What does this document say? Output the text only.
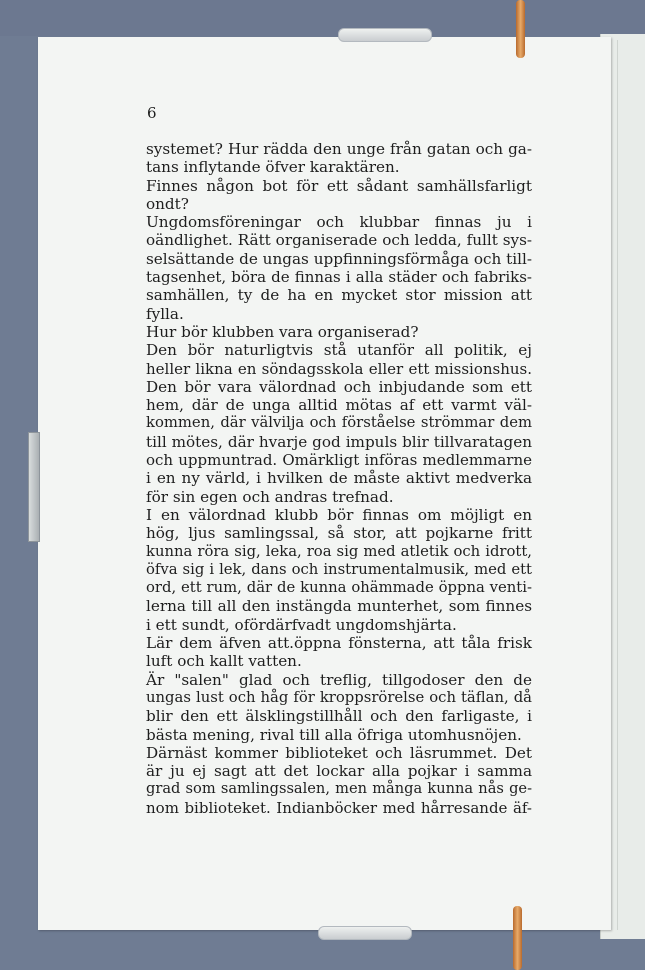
6
systemet? Hur rädda den unge från gatan och ga-
tans inflytande öfver karaktären.
Finnes någon bot för ett sådant samhällsfarligt
ondt?
Ungdomsföreningar och klubbar finnas ju i
oändlighet. Rätt organiserade och ledda, fullt sys-
selsättande de ungas uppfinningsförmåga och till-
tagsenhet, böra de finnas i alla städer och fabriks-
samhällen, ty de ha en mycket stor mission att
fylla.
Hur bör klubben vara organiserad?
Den bör naturligtvis stå utanför all politik, ej
heller likna en söndagsskola eller ett missionshus.
Den bör vara välordnad och inbjudande som ett
hem, där de unga alltid mötas af ett varmt väl-
kommen, där välvilja och förståelse strömmar dem
till mötes, där hvarje god impuls blir tillvaratagen
och uppmuntrad. Omärkligt införas medlemmarne
i en ny värld, i hvilken de måste aktivt medverka
för sin egen och andras trefnad.
I en välordnad klubb bör finnas om möjligt en
hög, ljus samlingssal, så stor, att pojkarne fritt
kunna röra sig, leka, roa sig med atletik och idrott,
öfva sig i lek, dans och instrumentalmusik, med ett
ord, ett rum, där de kunna ohämmade öppna venti-
lerna till all den instängda munterhet, som finnes
i ett sundt, ofördärfvadt ungdomshjärta.
Lär dem äfven att.öppna fönsterna, att tåla frisk
luft och kallt vatten.
Är "salen" glad och treflig, tillgodoser den de
ungas lust och håg för kroppsrörelse och täflan, då
blir den ett älsklingstillhåll och den farligaste, i
bästa mening, rival till alla öfriga utomhusnöjen.
Därnäst kommer biblioteket och läsrummet. Det
är ju ej sagt att det lockar alla pojkar i samma
grad som samlingssalen, men många kunna nås ge-
nom biblioteket. Indianböcker med hårresande äf-
